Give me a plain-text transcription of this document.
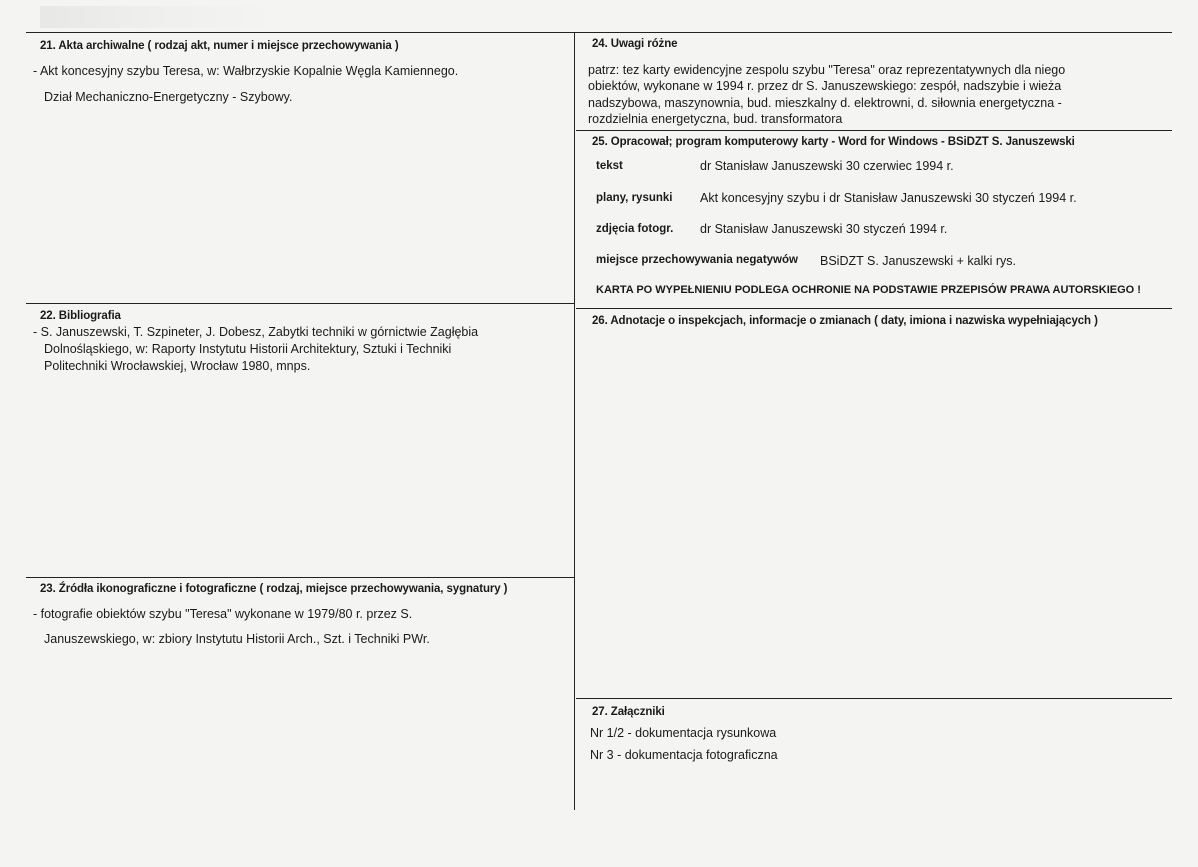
21. Akta archiwalne ( rodzaj akt, numer i miejsce przechowywania )
- Akt koncesyjny szybu Teresa, w: Wałbrzyskie Kopalnie Węgla Kamiennego.
Dział Mechaniczno-Energetyczny - Szybowy.
22. Bibliografia
- S. Januszewski, T. Szpineter, J. Dobesz, Zabytki techniki w górnictwie Zagłębia
Dolnośląskiego, w: Raporty Instytutu Historii Architektury, Sztuki i Techniki
Politechniki Wrocławskiej, Wrocław 1980, mnps.
23. Źródła ikonograficzne i fotograficzne ( rodzaj, miejsce przechowywania, sygnatury )
- fotografie obiektów szybu "Teresa" wykonane w 1979/80 r. przez S.
Januszewskiego, w: zbiory Instytutu Historii Arch., Szt. i Techniki PWr.
24. Uwagi różne
patrz: tez karty ewidencyjne zespolu szybu "Teresa" oraz reprezentatywnych dla niego
obiektów, wykonane w 1994 r. przez dr S. Januszewskiego: zespół, nadszybie i wieża
nadszybowa, maszynownia, bud. mieszkalny d. elektrowni, d. siłownia energetyczna -
rozdzielnia energetyczna, bud. transformatora
25. Opracował; program komputerowy karty - Word for Windows - BSiDZT S. Januszewski
tekst	dr Stanisław Januszewski 30 czerwiec 1994 r.
plany, rysunki Akt koncesyjny szybu i dr Stanisław Januszewski 30 styczeń 1994 r.
zdjęcia fotogr. dr Stanisław Januszewski 30 styczeń 1994 r.
miejsce przechowywania negatywów BSiDZT S. Januszewski + kalki rys.
KARTA PO WYPEŁNIENIU PODLEGA OCHRONIE NA PODSTAWIE PRZEPISÓW PRAWA AUTORSKIEGO !
26. Adnotacje o inspekcjach, informacje o zmianach ( daty, imiona i nazwiska wypełniających )
27. Załączniki
Nr 1/2 - dokumentacja rysunkowa
Nr 3 - dokumentacja fotograficzna
